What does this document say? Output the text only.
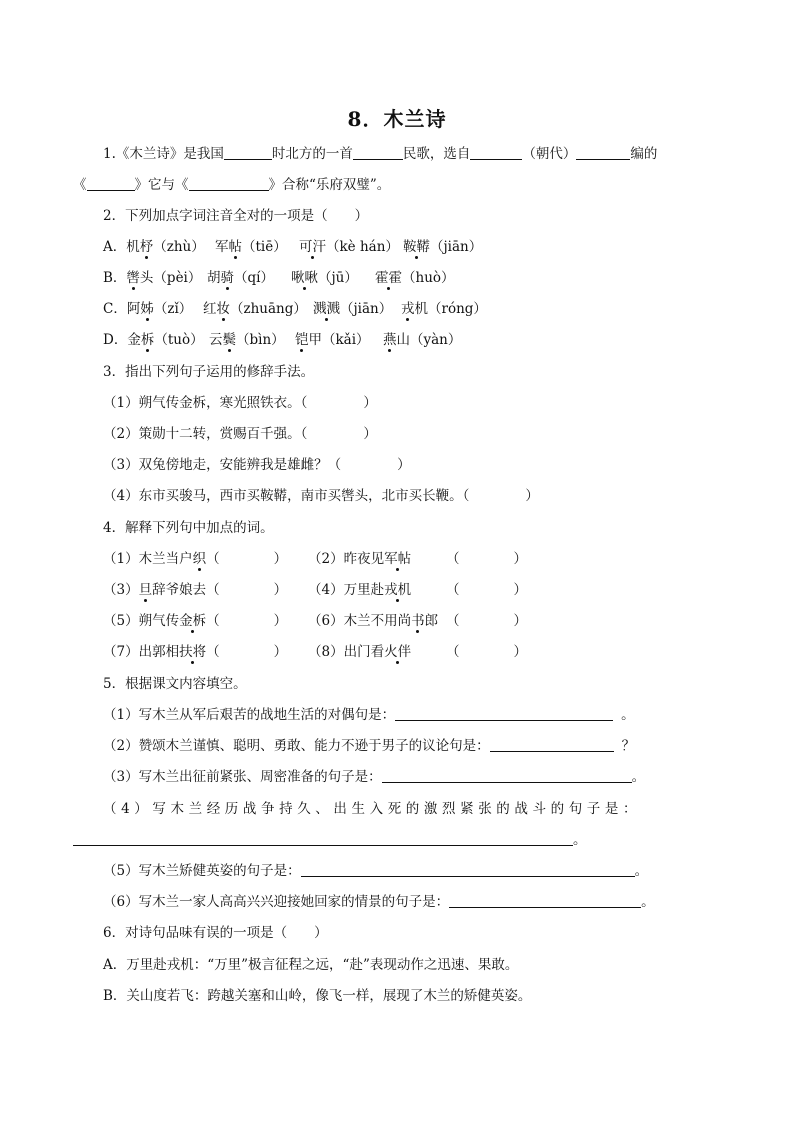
8．木兰诗
1.《木兰诗》是我国	时北方的一首	民歌，选自	（朝代）	编的
《	》它与《	》合称“乐府双璧”。
2．下列加点字词注音全对的一项是（　　）
A．机杼（zhù） 军帖（tiē） 可汗（kè hán） 鞍鞯（jiān）
B．辔头（pèi） 胡骑（qí） 啾啾（jū） 霍霍（huò）
C．阿姊（zǐ） 红妆（zhuāng） 溅溅（jiān） 戎机（róng）
D．金柝（tuò） 云鬓（bìn） 铠甲（kǎi） 燕山（yàn）
3．指出下列句子运用的修辞手法。
（1）朔气传金柝，寒光照铁衣。（	）
（2）策勋十二转，赏赐百千强。（	）
（3）双兔傍地走，安能辨我是雄雌？（	）
（4）东市买骏马，西市买鞍鞯，南市买辔头，北市买长鞭。（	）
4．解释下列句中加点的词。
（1）木兰当户织（　　　　） （2）昨夜见军帖	（　　　　）
（3）旦辞爷娘去（　　　　） （4）万里赴戎机	（　　　　）
（5）朔气传金柝（　　　　） （6）木兰不用尚书郎 （　　　　）
（7）出郭相扶将（　　　　） （8）出门看火伴	（　　　　）
5．根据课文内容填空。
（1）写木兰从军后艰苦的战地生活的对偶句是：	。
（2）赞颂木兰谨慎、聪明、勇敢、能力不逊于男子的议论句是：	？
（3）写木兰出征前紧张、周密准备的句子是：	。
（4）写木兰经历战争持久、出生入死的激烈紧张的战斗的句子是：
。
（5）写木兰矫健英姿的句子是：	。
（6）写木兰一家人高高兴兴迎接她回家的情景的句子是：	。
6．对诗句品味有误的一项是（　　）
A．万里赴戎机：“万里”极言征程之远，“赴”表现动作之迅速、果敢。
B．关山度若飞：跨越关塞和山岭，像飞一样，展现了木兰的矫健英姿。
